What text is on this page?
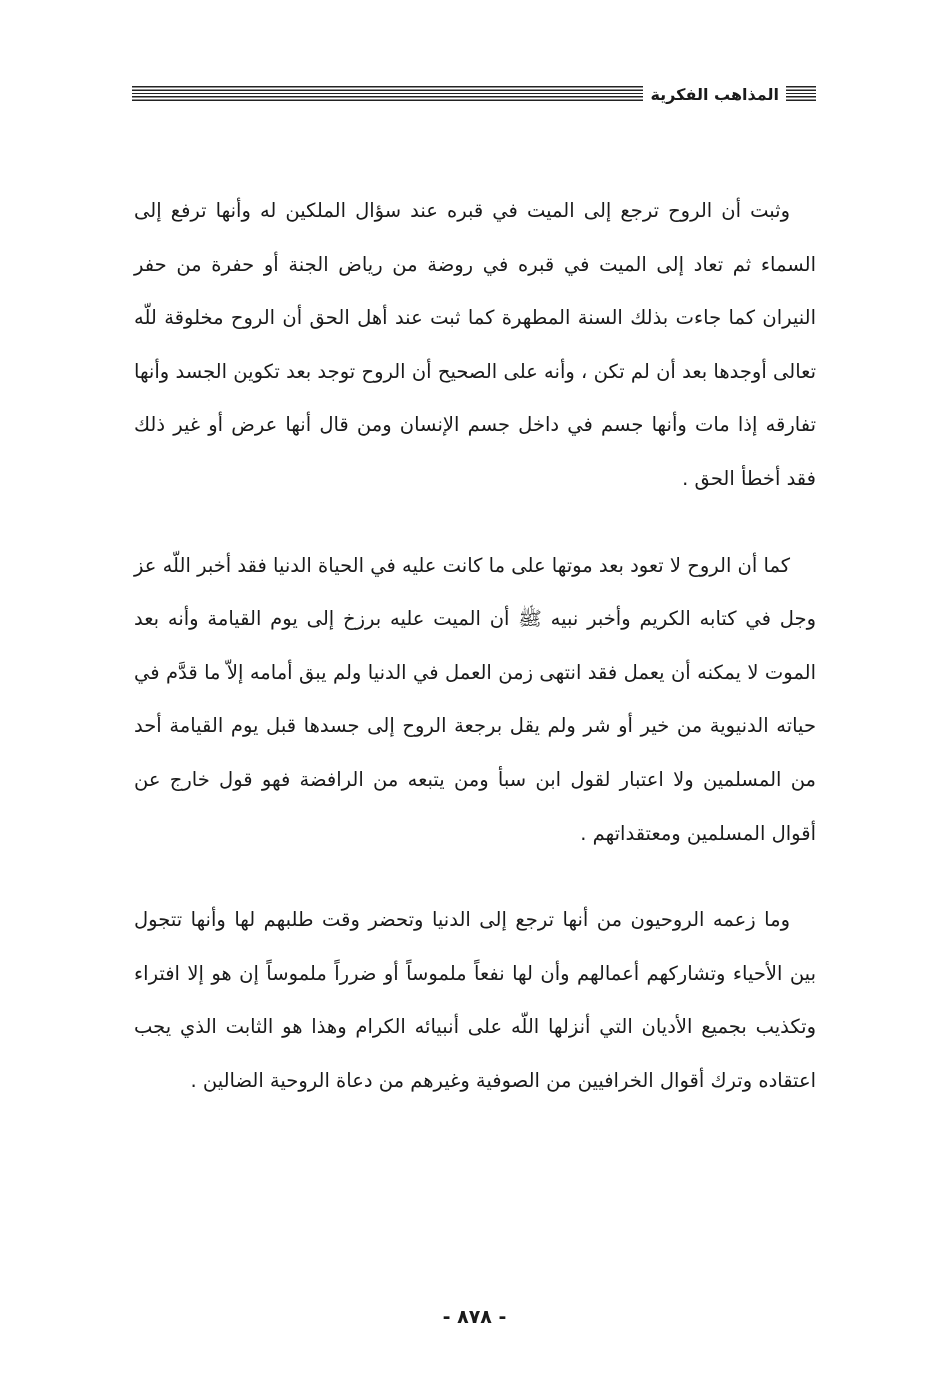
المذاهب الفكرية

وثبت أن الروح ترجع إلى الميت في قبره عند سؤال الملكين له وأنها ترفع إلى السماء ثم تعاد إلى الميت في قبره في روضة من رياض الجنة أو حفرة من حفر النيران كما جاءت بذلك السنة المطهرة كما ثبت عند أهل الحق أن الروح مخلوقة للّه تعالى أوجدها بعد أن لم تكن ، وأنه على الصحيح أن الروح توجد بعد تكوين الجسد وأنها تفارقه إذا مات وأنها جسم في داخل جسم الإنسان ومن قال أنها عرض أو غير ذلك فقد أخطأ الحق .

كما أن الروح لا تعود بعد موتها على ما كانت عليه في الحياة الدنيا فقد أخبر اللّه عز وجل في كتابه الكريم وأخبر نبيه ﷺ أن الميت عليه برزخ إلى يوم القيامة وأنه بعد الموت لا يمكنه أن يعمل فقد انتهى زمن العمل في الدنيا ولم يبق أمامه إلاّ ما قدَّم في حياته الدنيوية من خير أو شر ولم يقل برجعة الروح إلى جسدها قبل يوم القيامة أحد من المسلمين ولا اعتبار لقول ابن سبأ ومن يتبعه من الرافضة فهو قول خارج عن أقوال المسلمين ومعتقداتهم .

وما زعمه الروحيون من أنها ترجع إلى الدنيا وتحضر وقت طلبهم لها وأنها تتجول بين الأحياء وتشاركهم أعمالهم وأن لها نفعاً ملموساً أو ضرراً ملموساً إن هو إلا افتراء وتكذيب بجميع الأديان التي أنزلها اللّه على أنبيائه الكرام وهذا هو الثابت الذي يجب اعتقاده وترك أقوال الخرافيين من الصوفية وغيرهم من دعاة الروحية الضالين .

- ٨٧٨ -
